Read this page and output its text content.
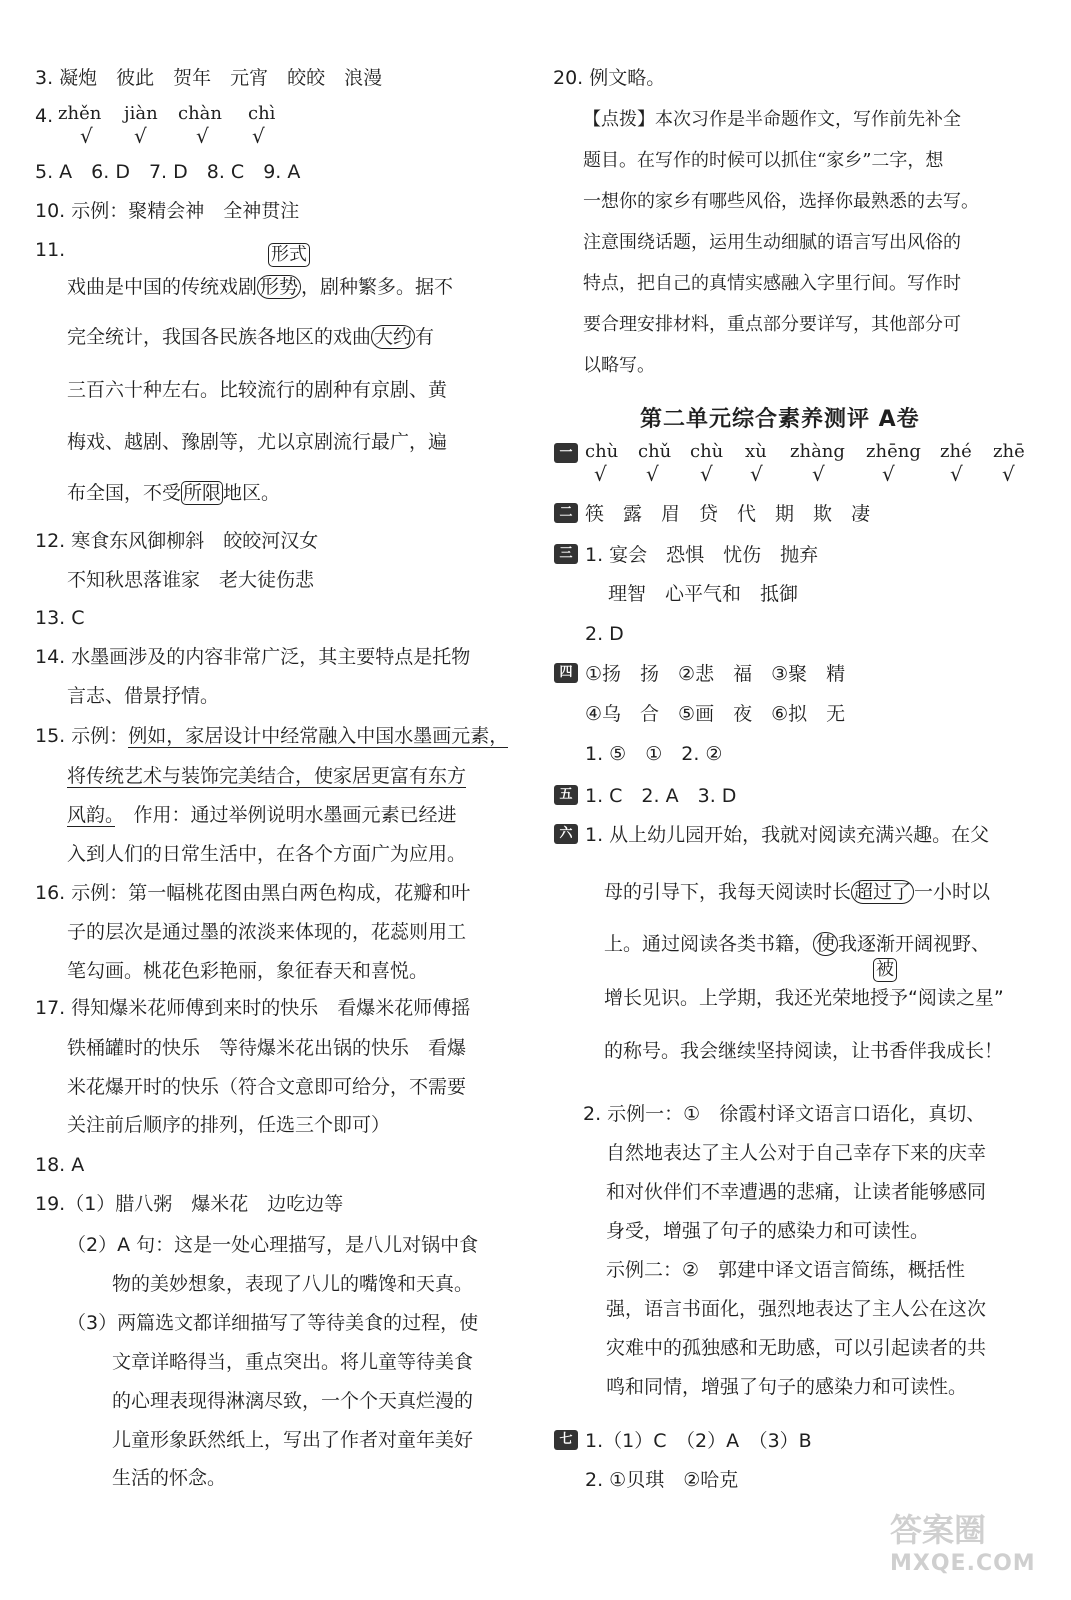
3. 凝炮　彼此　贺年　元宵　皎皎　浪漫
4. zhěn jiàn chàn chì
√ √ √ √
5. A　6. D　7. D　8. C　9. A
10. 示例：聚精会神　全神贯注
11.	形式
戏曲是中国的传统戏剧 形势 ，剧种繁多。据不
完全统计，我国各民族各地区的戏曲 大约 有
三百六十种左右。比较流行的剧种有京剧、黄
梅戏、越剧、豫剧等，尤以京剧流行最广，遍
布全国，不受 所限 地区。
12. 寒食东风御柳斜　皎皎河汉女
不知秋思落谁家　老大徒伤悲
13. C
14. 水墨画涉及的内容非常广泛，其主要特点是托物
言志、借景抒情。
15. 示例：例如，家居设计中经常融入中国水墨画元素，
将传统艺术与装饰完美结合，使家居更富有东方
风韵。　 作用：通过举例说明水墨画元素已经进
入到人们的日常生活中，在各个方面广为应用。
16. 示例：第一幅桃花图由黑白两色构成，花瓣和叶
子的层次是通过墨的浓淡来体现的，花蕊则用工
笔勾画。桃花色彩艳丽，象征春天和喜悦。
17. 得知爆米花师傅到来时的快乐　看爆米花师傅摇
铁桶罐时的快乐　等待爆米花出锅的快乐　看爆
米花爆开时的快乐（符合文意即可给分，不需要
关注前后顺序的排列，任选三个即可）
18. A
19.（1）腊八粥　爆米花　边吃边等
（2）A 句：这是一处心理描写，是八儿对锅中食
物的美妙想象，表现了八儿的嘴馋和天真。
（3）两篇选文都详细描写了等待美食的过程，使
文章详略得当，重点突出。将儿童等待美食
的心理表现得淋漓尽致，一个个天真烂漫的
儿童形象跃然纸上，写出了作者对童年美好
生活的怀念。
20. 例文略。
【点拨】本次习作是半命题作文，写作前先补全
题目。在写作的时候可以抓住“家乡”二字，想
一想你的家乡有哪些风俗，选择你最熟悉的去写。
注意围绕话题，运用生动细腻的语言写出风俗的
特点，把自己的真情实感融入字里行间。写作时
要合理安排材料，重点部分要详写，其他部分可
以略写。
第二单元综合素养测评 A卷
一 chù chǔ chù xù zhàng zhēng zhé zhē
√ √ √ √ √	√	√ √
二 筷　露　眉　贷　代　期　欺　凄
三 1. 宴会　恐惧　忧伤　抛弃
理智　心平气和　抵御
2. D
四 ①扬　扬　②悲　福　③聚　精
④乌　合　⑤画　夜　⑥拟　无
1. ⑤　①　2. ②
五 1. C　2. A　3. D
六 1. 从上幼儿园开始，我就对阅读充满兴趣。在父
母的引导下，我每天阅读时长 超过了 一小时以
上。通过阅读各类书籍， 使 我逐渐开阔视野、
被
增长见识。上学期，我还光荣地授予“阅读之星”
的称号。我会继续坚持阅读，让书香伴我成长！
2. 示例一：①　徐霞村译文语言口语化，真切、
自然地表达了主人公对于自己幸存下来的庆幸
和对伙伴们不幸遭遇的悲痛，让读者能够感同
身受，增强了句子的感染力和可读性。
示例二：②　郭建中译文语言简练，概括性
强，语言书面化，强烈地表达了主人公在这次
灾难中的孤独感和无助感，可以引起读者的共
鸣和同情，增强了句子的感染力和可读性。
七 1.（1）C　（2）A　（3）B
2. ①贝琪　②哈克
答案圈
MXQE.COM
